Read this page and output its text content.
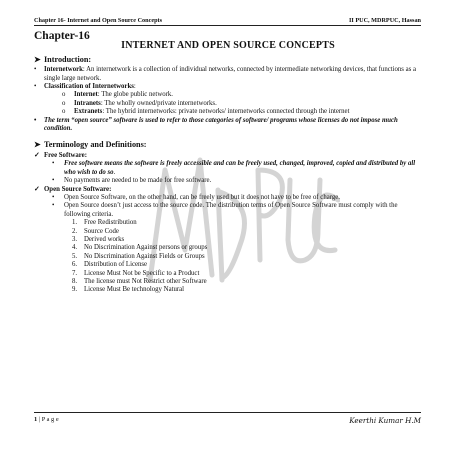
Chapter 16- Internet and Open Source Concepts	II PUC, MDRPUC, Hassan
Chapter-16
INTERNET AND OPEN SOURCE CONCEPTS
➤ Introduction:
• Internetwork: An internetwork is a collection of individual networks, connected by intermediate networking devices, that functions as a single large network.
• Classification of Internetworks:
o Internet: The globe public network.
o Intranets: The wholly owned/private internetworks.
o Extranets: The hybrid internetworks: private networks/ internetworks connected through the internet
• The term “open source” software is used to refer to those categories of software/ programs whose licenses do not impose much condition.
➤ Terminology and Definitions:
✓ Free Software:
• Free software means the software is freely accessible and can be freely used, changed, improved, copied and distributed by all who wish to do so.
• No payments are needed to be made for free software.
✓ Open Source Software:
• Open Source Software, on the other hand, can be freely used but it does not have to be free of charge.
• Open Source doesn’t just access to the source code. The distribution terms of Open Source Software must comply with the following criteria.
1. Free Redistribution
2. Source Code
3. Derived works
4. No Discrimination Against persons or groups
5. No Discrimination Against Fields or Groups
6. Distribution of License
7. License Must Not be Specific to a Product
8. The license must Not Restrict other Software
9. License Must Be technology Natural
1 | P a g e	Keerthi Kumar H.M
